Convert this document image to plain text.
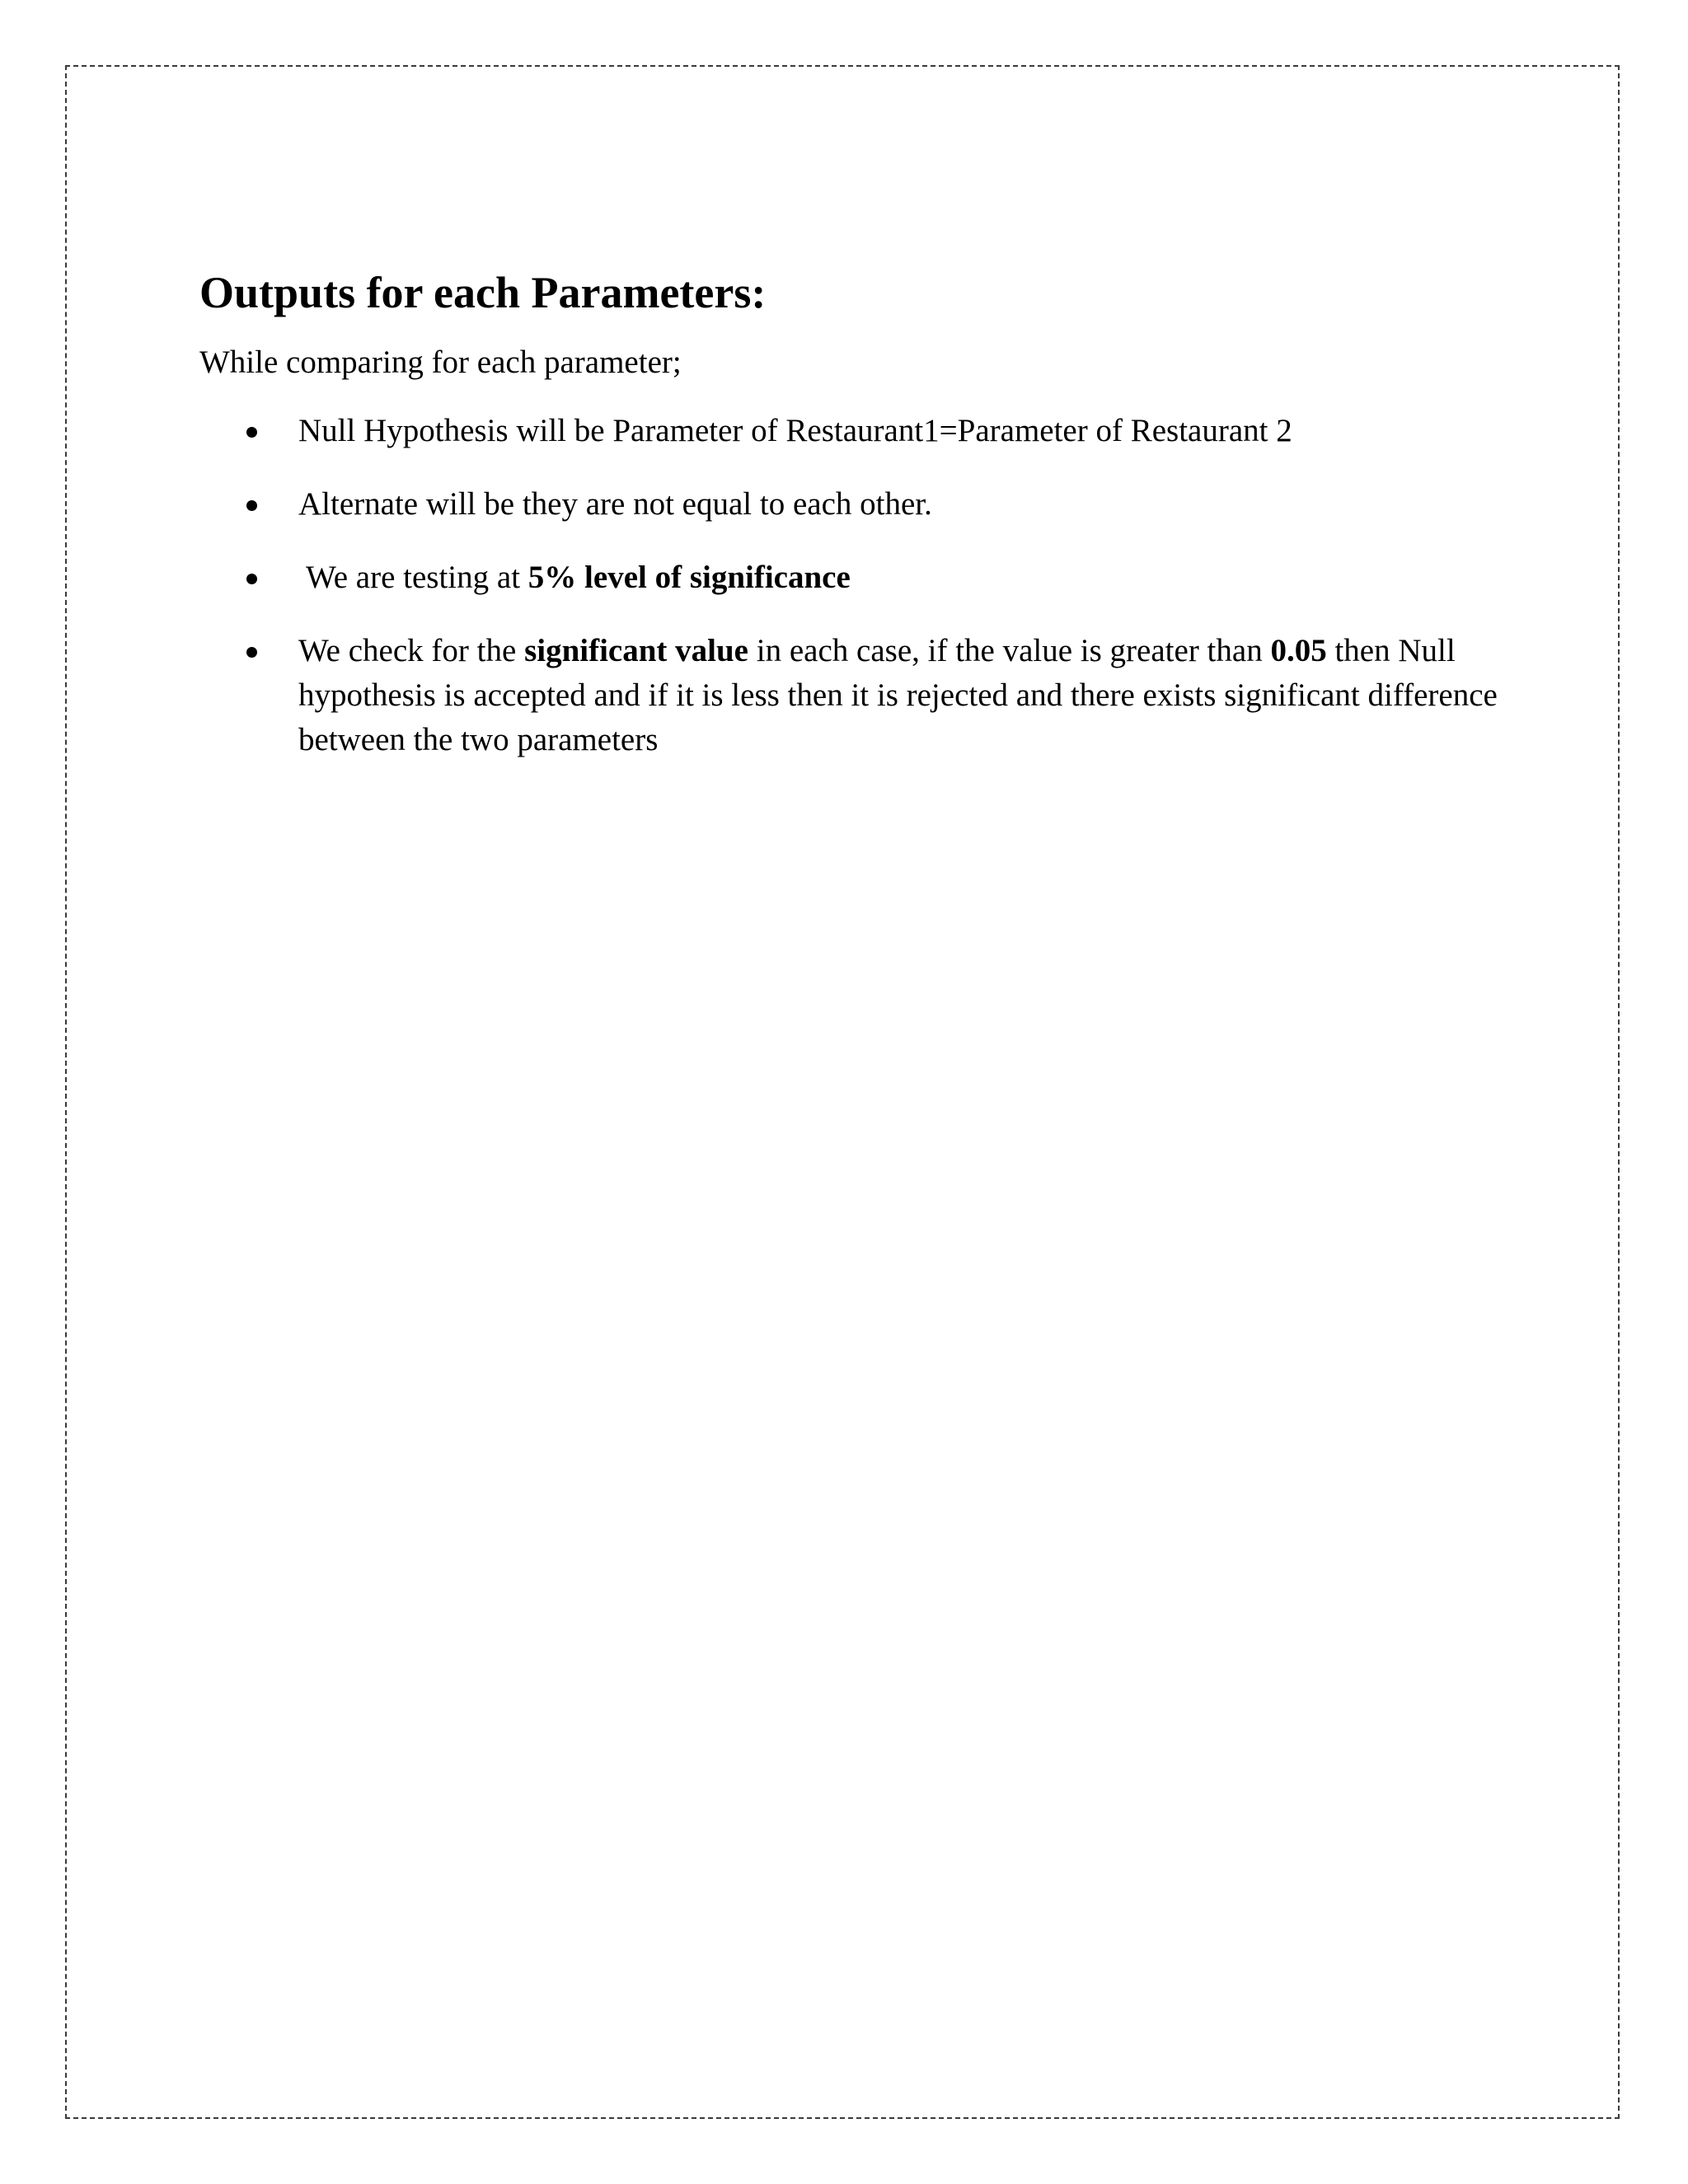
Outputs for each Parameters:

While comparing for each parameter;

Null Hypothesis will be Parameter of Restaurant1=Parameter of Restaurant 2
Alternate will be they are not equal to each other.
We are testing at 5% level of significance
We check for the significant value in each case, if the value is greater than 0.05 then Null hypothesis is accepted and if it is less then it is rejected and there exists significant difference between the two parameters
